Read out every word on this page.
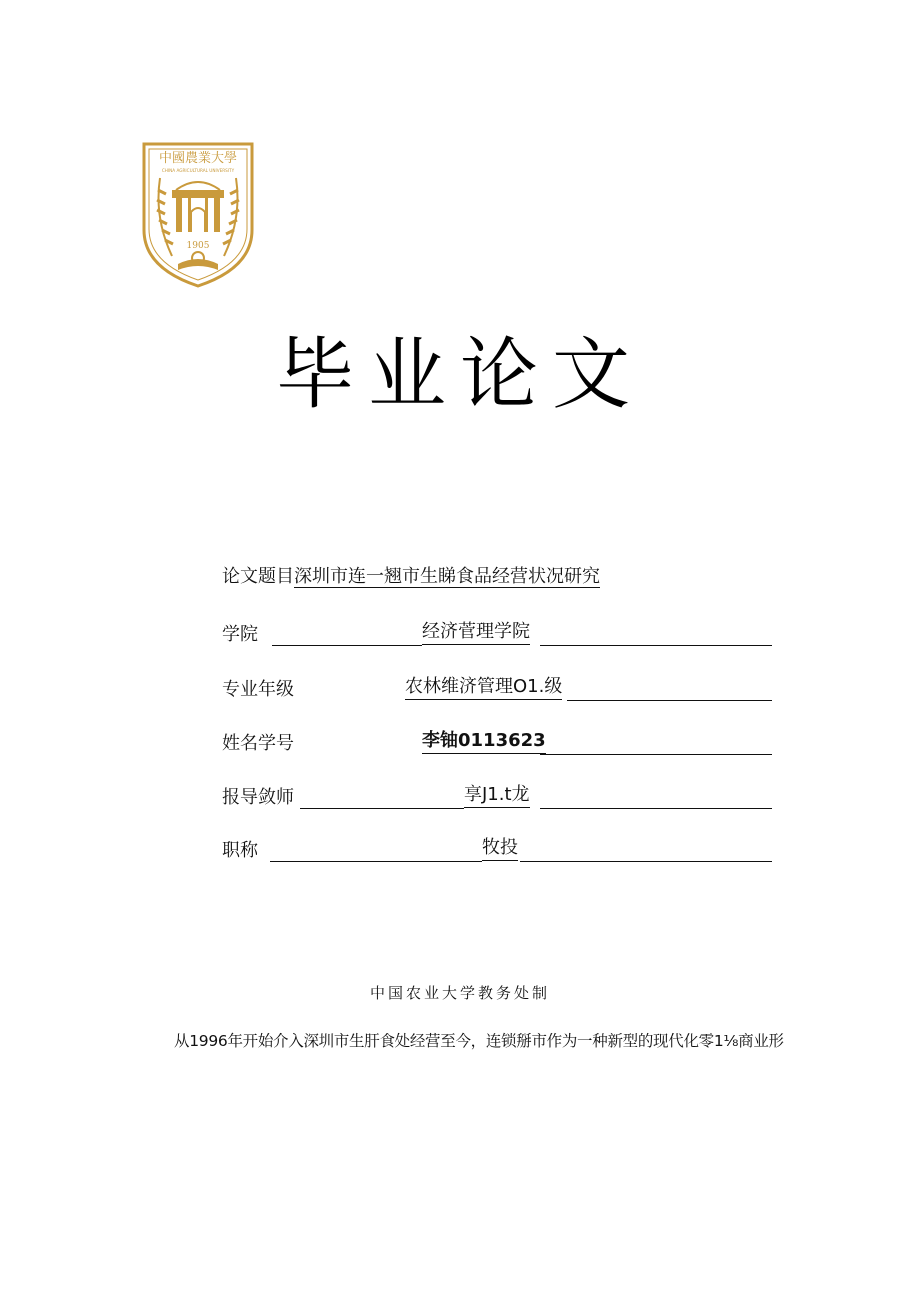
中國農業大學
CHINA AGRICULTURAL UNIVERSITY
1905
毕业论文
论文题目深圳市连一翘市生睇食品经营状况研究
学院	经济菅理学院
专业年级	农林维济管理O1.级
姓名学号	李铀0113623
报导敛师	享J1.t龙
职称	牧投
中国农业大学教务处制
从1996年开始介入深圳市生肝食处经营至今，连锁掰市作为一种新型的现代化零1⅛商业形
